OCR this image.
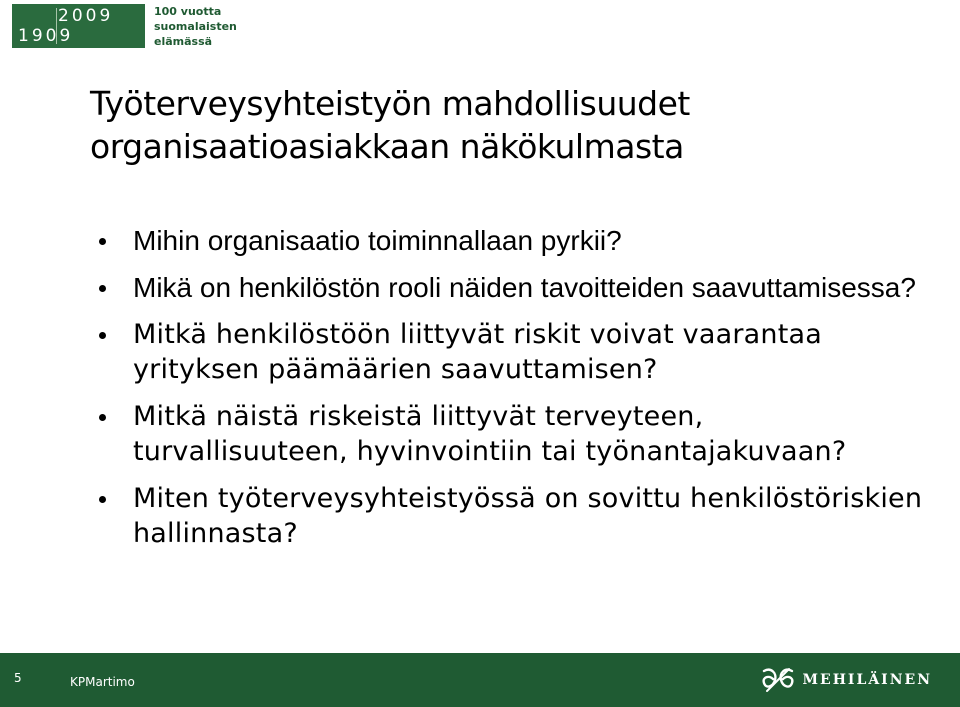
2009
1909
100 vuotta
suomalaisten
elämässä
Työterveysyhteistyön mahdollisuudet
organisaatioasiakkaan näkökulmasta
Mihin organisaatio toiminnallaan pyrkii?
Mikä on henkilöstön rooli näiden tavoitteiden saavuttamisessa?
Mitkä henkilöstöön liittyvät riskit voivat vaarantaa yrityksen päämäärien saavuttamisen?
Mitkä näistä riskeistä liittyvät terveyteen, turvallisuuteen, hyvinvointiin tai työnantajakuvaan?
Miten työterveysyhteistyössä on sovittu henkilöstöriskien hallinnasta?
5	KPMartimo	MEHILÄINEN
